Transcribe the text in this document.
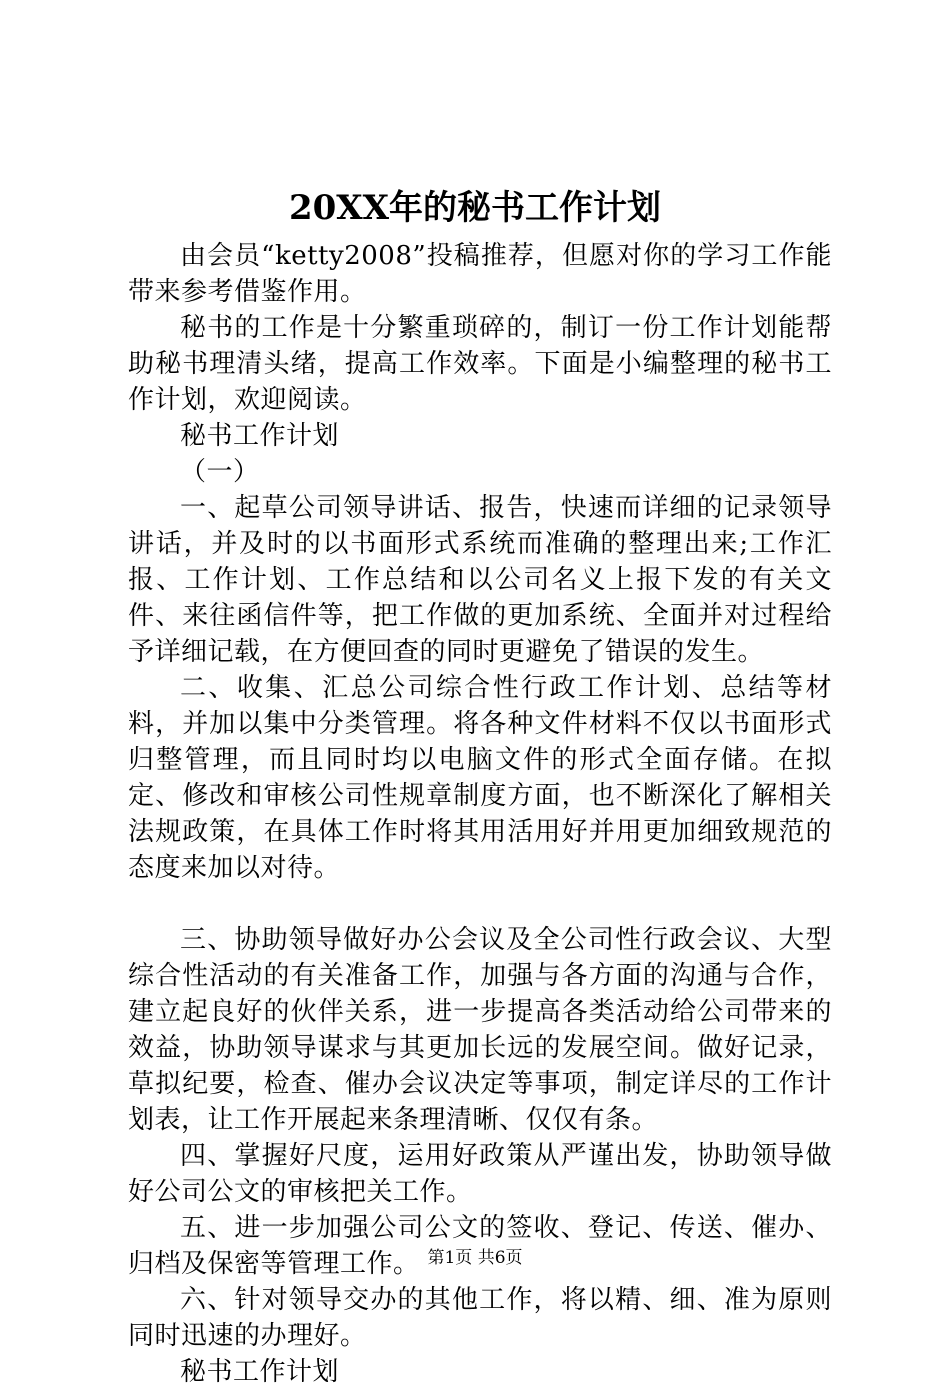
20XX年的秘书工作计划

由会员“ketty2008”投稿推荐，但愿对你的学习工作能带来参考借鉴作用。

秘书的工作是十分繁重琐碎的，制订一份工作计划能帮助秘书理清头绪，提高工作效率。下面是小编整理的秘书工作计划，欢迎阅读。

秘书工作计划

（一）

一、起草公司领导讲话、报告，快速而详细的记录领导讲话，并及时的以书面形式系统而准确的整理出来;工作汇报、工作计划、工作总结和以公司名义上报下发的有关文件、来往函信件等，把工作做的更加系统、全面并对过程给予详细记载，在方便回查的同时更避免了错误的发生。

二、收集、汇总公司综合性行政工作计划、总结等材料，并加以集中分类管理。将各种文件材料不仅以书面形式归整管理，而且同时均以电脑文件的形式全面存储。在拟定、修改和审核公司性规章制度方面，也不断深化了解相关法规政策，在具体工作时将其用活用好并用更加细致规范的态度来加以对待。

三、协助领导做好办公会议及全公司性行政会议、大型综合性活动的有关准备工作，加强与各方面的沟通与合作，建立起良好的伙伴关系，进一步提高各类活动给公司带来的效益，协助领导谋求与其更加长远的发展空间。做好记录，草拟纪要，检查、催办会议决定等事项，制定详尽的工作计划表，让工作开展起来条理清晰、仅仅有条。

四、掌握好尺度，运用好政策从严谨出发，协助领导做好公司公文的审核把关工作。

五、进一步加强公司公文的签收、登记、传送、催办、归档及保密等管理工作。

六、针对领导交办的其他工作，将以精、细、准为原则同时迅速的办理好。

秘书工作计划

第1页 共6页
